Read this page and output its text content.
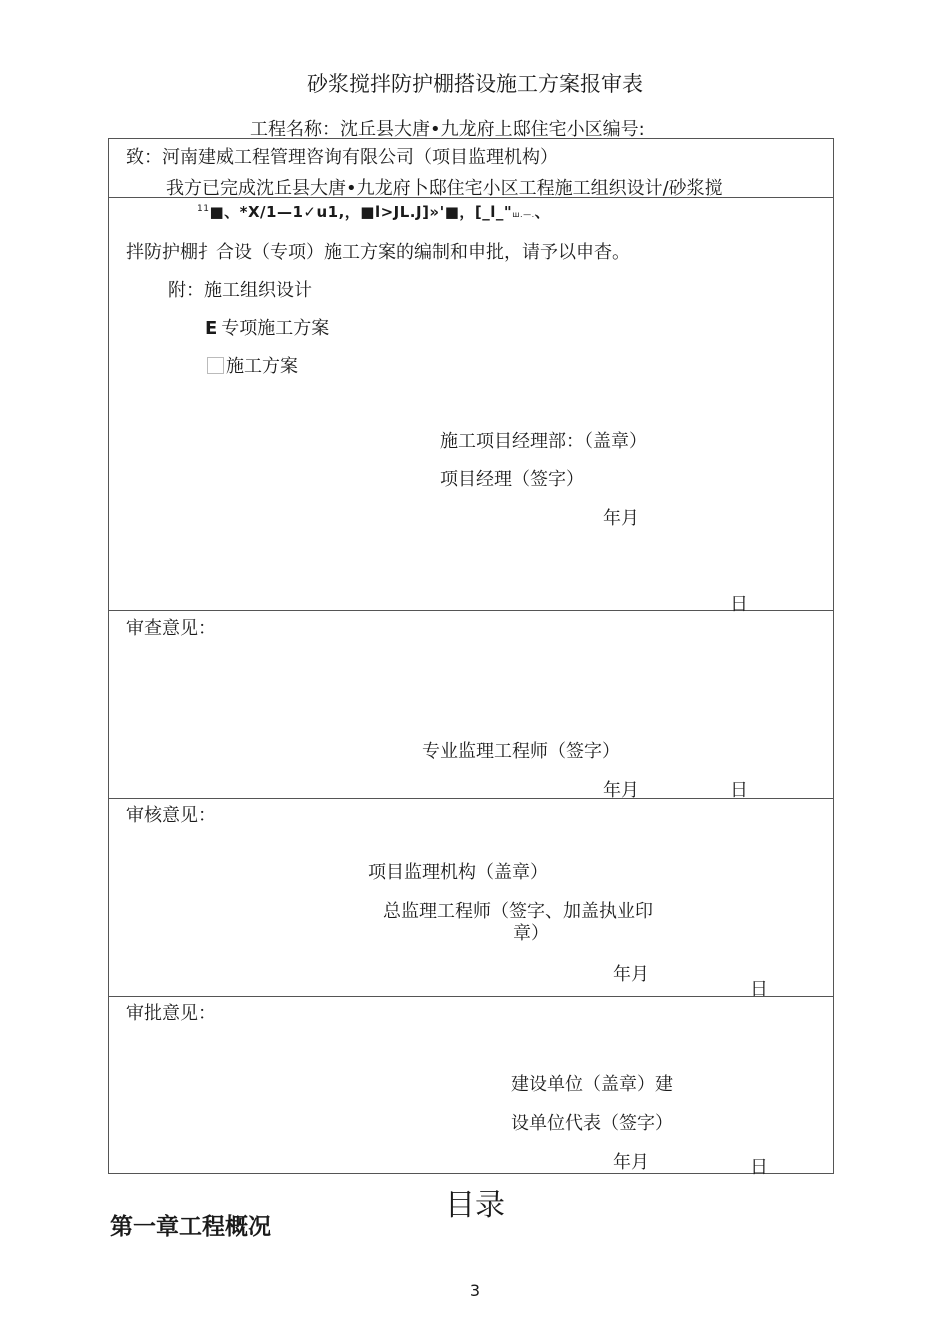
砂浆搅拌防护棚搭设施工方案报审表
工程名称：沈丘县大唐•九龙府上邸住宅小区编号:
致：河南建威工程管理咨询有限公司（项目监理机构）
我方已完成沈丘县大唐•九龙府卜邸住宅小区工程施工组织设计/砂浆搅
$^{11}$■、*X/1—1✓u1,，■l>JL.J]»'■，[_l_"ш.—.、
拌防护棚扌合设（专项）施工方案的编制和申批，请予以申杳。
附：施工组织设计
E 专项施工方案
施工方案
施工项目经理部：（盖章）
项目经理（签字）
年月
日
审查意见：
专业监理工程师（签字）
年月	日
审核意见：
项目监理机构（盖章）
总监理工程师（签字、加盖执业印
章）
年月
日
审批意见：
建设单位（盖章）建
设单位代表（签字）
年月	日
目录
第一章工程概况
3
